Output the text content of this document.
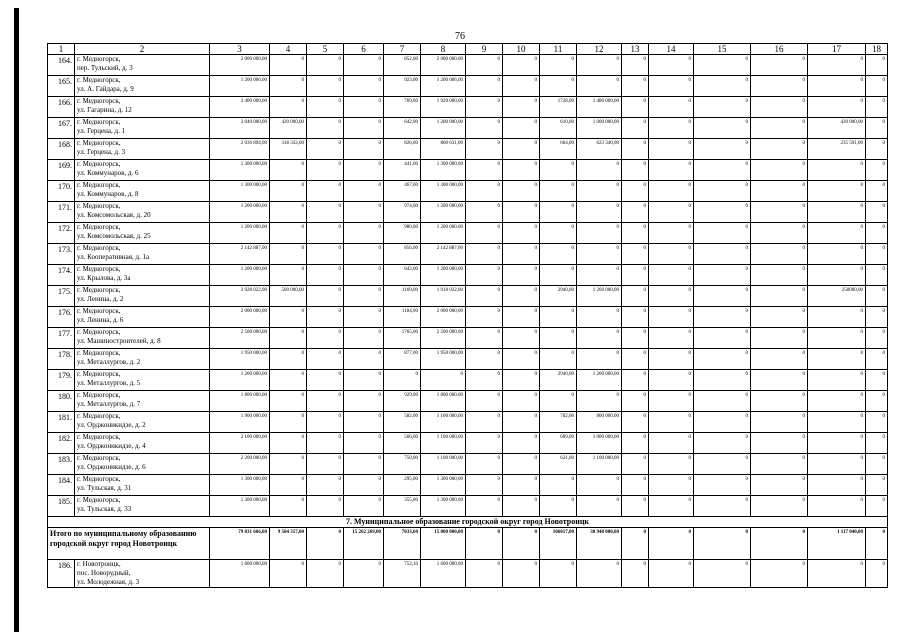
76
1	2	3	4	5	6	7	8	9	10	11	12	13	14	15	16	17	18
164.	г. Медногорск,
пер. Тульский, д. 3	2 000 000,00	0	0	0	852,00	2 000 000,00	0	0	0	0	0	0	0	0	0	0
165.	г. Медногорск,
ул. А. Гайдара, д. 9	1 200 006,00	0	0	0	923,00	1 200 006,00	0	0	0	0	0	0	0	0	0	0
166.	г. Медногорск,
ул. Гагарина, д. 12	3 400 000,00	0	0	0	769,00	1 920 000,00	0	0	1728,00	1 480 000,00	0	0	0	0	0	0
167.	г. Медногорск,
ул. Герцена, д. 1	3 040 000,00	420 000,00	0	0	642,00	1 200 000,00	0	0	610,00	1 000 000,00	0	0	0	0	420 000,00	0
168.	г. Медногорск,
ул. Герцена, д. 3	2 036 894,00	318 332,00	0	0	826,00	860 631,00	0	0	664,00	623 340,00	0	0	0	0	235 591,00	0
169.	г. Медногорск,
ул. Коммунаров, д. 6	1 300 000,00	0	0	0	441,00	1 300 000,00	0	0	0	0	0	0	0	0	0	0
170.	г. Медногорск,
ул. Коммунаров, д. 8	1 300 000,00	0	0	0	467,00	1 300 000,00	0	0	0	0	0	0	0	0	0	0
171.	г. Медногорск,
ул. Комсомольская, д. 20	1 200 000,00	0	0	0	974,00	1 200 000,00	0	0	0	0	0	0	0	0	0	0
172.	г. Медногорск,
ул. Комсомольская, д. 25	1 200 000,00	0	0	0	980,00	1 200 000,00	0	0	0	0	0	0	0	0	0	0
173.	г. Медногорск,
ул. Кооперативная, д. 1а	2 142 887,00	0	0	0	856,00	2 142 887,00	0	0	0	0	0	0	0	0	0	0
174.	г. Медногорск,
ул. Крылова, д. 3а	1 200 000,00	0	0	0	643,00	1 200 000,00	0	0	0	0	0	0	0	0	0	0
175.	г. Медногорск,
ул. Ленина, д. 2	3 928 022,00	500 000,00	0	0	1169,00	1 918 022,00	0	0	2940,00	1 260 000,00	0	0	0	0	250000,00	0
176.	г. Медногорск,
ул. Ленина, д. 6	2 000 000,00	0	0	0	1184,00	2 000 000,00	0	0	0	0	0	0	0	0	0	0
177.	г. Медногорск,
ул. Машиностроителей, д. 8	2 500 000,00	0	0	0	1765,00	2 500 000,00	0	0	0	0	0	0	0	0	0	0
178.	г. Медногорск,
ул. Металлургов, д. 2	1 950 000,00	0	0	0	877,00	1 950 000,00	0	0	0	0	0	0	0	0	0	0
179.	г. Медногорск,
ул. Металлургов, д. 5	1 260 000,00	0	0	0	0	0	0	0	2940,00	1 260 000,00	0	0	0	0	0	0
180.	г. Медногорск,
ул. Металлургов, д. 7	1 800 000,00	0	0	0	929,00	1 800 000,00	0	0	0	0	0	0	0	0	0	0
181.	г. Медногорск,
ул. Орджоникидзе, д. 2	1 900 000,00	0	0	0	582,00	1 100 000,00	0	0	702,00	800 000,00	0	0	0	0	0	0
182.	г. Медногорск,
ул. Орджоникидзе, д. 4	2 100 000,00	0	0	0	566,00	1 100 000,00	0	0	609,00	1 000 000,00	0	0	0	0	0	0
183.	г. Медногорск,
ул. Орджоникидзе, д. 6	2 200 000,00	0	0	0	750,00	1 100 000,00	0	0	621,00	1 100 000,00	0	0	0	0	0	0
184.	г. Медногорск,
ул. Тульская, д. 31	1 300 000,00	0	0	0	295,00	1 300 000,00	0	0	0	0	0	0	0	0	0	0
185.	г. Медногорск,
ул. Тульская, д. 33	1 300 000,00	0	0	0	355,00	1 300 000,00	0	0	0	0	0	0	0	0	0	0
7. Муниципальное образование городской округ город Новотроицк																	
Итого по муниципальному образованию городской округ город Новотроицк		79 831 666,00	9 504 357,00	0	15 262 269,00	7033,60	15 000 000,00	0	0	106017,00	38 948 000,00	0	0	0	0	1 117 040,00	0
186.	г. Новотроицк,
пос. Новорудный,
ул. Молодежная, д. 3	1 600 000,00	0	0	0	753,10	1 600 000,00	0	0	0	0	0	0	0	0	0	0
